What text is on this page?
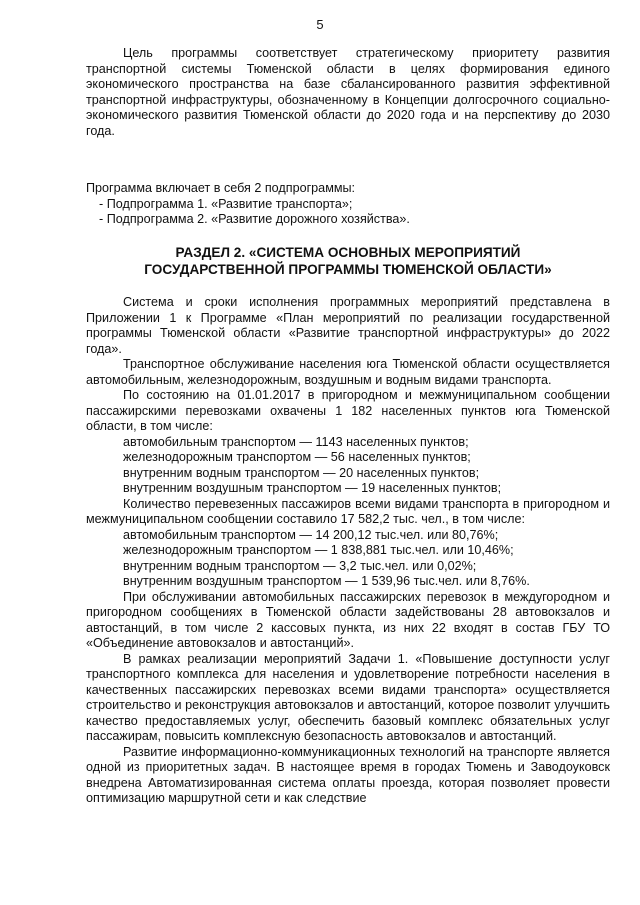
5

Цель программы соответствует стратегическому приоритету развития транспортной системы Тюменской области в целях формирования единого экономического пространства на базе сбалансированного развития эффективной транспортной инфраструктуры, обозначенному в Концепции долгосрочного социально-экономического развития Тюменской области до 2020 года и на перспективу до 2030 года.

Программа включает в себя 2 подпрограммы:

- Подпрограмма 1. «Развитие транспорта»;

- Подпрограмма 2. «Развитие дорожного хозяйства».

РАЗДЕЛ 2. «СИСТЕМА ОСНОВНЫХ МЕРОПРИЯТИЙ

ГОСУДАРСТВЕННОЙ ПРОГРАММЫ ТЮМЕНСКОЙ ОБЛАСТИ»

Система и сроки исполнения программных мероприятий представлена в Приложении 1 к Программе «План мероприятий по реализации государственной программы Тюменской области «Развитие транспортной инфраструктуры» до 2022 года».

Транспортное обслуживание населения юга Тюменской области осуществляется автомобильным, железнодорожным, воздушным и водным видами транспорта.

По состоянию на 01.01.2017 в пригородном и межмуниципальном сообщении пассажирскими перевозками охвачены 1 182 населенных пунктов юга Тюменской области, в том числе:

автомобильным транспортом — 1143 населенных пунктов;

железнодорожным транспортом — 56 населенных пунктов;

внутренним водным транспортом — 20 населенных пунктов;

внутренним воздушным транспортом — 19 населенных пунктов;

Количество перевезенных пассажиров всеми видами транспорта в пригородном и межмуниципальном сообщении составило 17 582,2 тыс. чел., в том числе:

автомобильным транспортом — 14 200,12 тыс.чел. или 80,76%;

железнодорожным транспортом — 1 838,881 тыс.чел. или 10,46%;

внутренним водным транспортом — 3,2 тыс.чел. или 0,02%;

внутренним воздушным транспортом — 1 539,96 тыс.чел. или 8,76%.

При обслуживании автомобильных пассажирских перевозок в междугородном и пригородном сообщениях в Тюменской области задействованы 28 автовокзалов и автостанций, в том числе 2 кассовых пункта, из них 22 входят в состав ГБУ ТО «Объединение автовокзалов и автостанций».

В рамках реализации мероприятий Задачи 1. «Повышение доступности услуг транспортного комплекса для населения и удовлетворение потребности населения в качественных пассажирских перевозках всеми видами транспорта» осуществляется строительство и реконструкция автовокзалов и автостанций, которое позволит улучшить качество предоставляемых услуг, обеспечить базовый комплекс обязательных услуг пассажирам, повысить комплексную безопасность автовокзалов и автостанций.

Развитие информационно-коммуникационных технологий на транспорте является одной из приоритетных задач. В настоящее время в городах Тюмень и Заводоуковск внедрена Автоматизированная система оплаты проезда, которая позволяет провести оптимизацию маршрутной сети и как следствие
